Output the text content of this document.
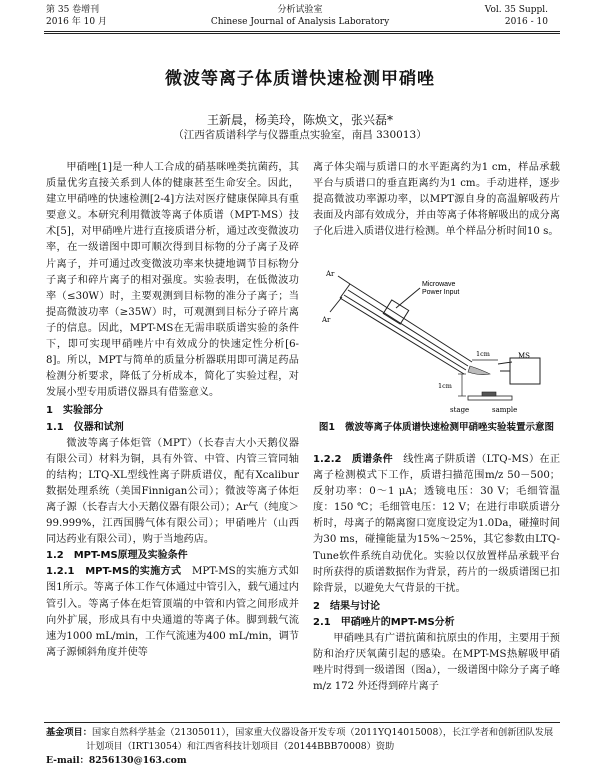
第 35 卷增刊
2016 年 10 月
分析试验室
Chinese Journal of Analysis Laboratory
Vol. 35 Suppl.
2016 - 10
微波等离子体质谱快速检测甲硝唑
王新晨，杨美玲，陈焕文，张兴磊*
（江西省质谱科学与仪器重点实验室，南昌 330013）

甲硝唑[1]是一种人工合成的硝基咪唑类抗菌药，其质量优劣直接关系到人体的健康甚至生命安全。因此，建立甲硝唑的快速检测[2-4]方法对医疗健康保障具有重要意义。本研究利用微波等离子体质谱（MPT-MS）技术[5]，对甲硝唑片进行直接质谱分析，通过改变微波功率，在一级谱图中即可顺次得到目标物的分子离子及碎片离子，并可通过改变微波功率来快捷地调节目标物分子离子和碎片离子的相对强度。实验表明，在低微波功率（≤30W）时，主要观测到目标物的准分子离子；当提高微波功率（≥35W）时，可观测到目标分子碎片离子的信息。因此，MPT-MS在无需串联质谱实验的条件下，即可实现甲硝唑片中有效成分的快速定性分析[6-8]。所以，MPT与简单的质量分析器联用即可满足药品检测分析要求，降低了分析成本，简化了实验过程，对发展小型专用质谱仪器具有借鉴意义。

1　实验部分
1.1　仪器和试剂

微波等离子体炬管（MPT）（长春吉大小天鹅仪器有限公司）材料为铜，具有外管、中管、内管三管同轴的结构；LTQ-XL型线性离子阱质谱仪，配有Xcalibur数据处理系统（美国Finnigan公司）；微波等离子体炬离子源（长春吉大小天鹅仪器有限公司）；Ar气（纯度＞99.999%，江西国腾气体有限公司）；甲硝唑片（山西同达药业有限公司），购于当地药店。

1.2　MPT-MS原理及实验条件

1.2.1　MPT-MS的实施方式　 MPT-MS的实施方式如图1所示。等离子体工作气体通过中管引入，载气通过内管引入。等离子体在炬管顶端的中管和内管之间形成并向外扩展，形成具有中央通道的等离子体。脚到载气流速为1000 mL/min，工作气流速为400 mL/min，调节离子源倾斜角度并使等

离子体尖端与质谱口的水平距离约为1 cm，样品承载平台与质谱口的垂直距离约为1 cm。手动进样，逐步提高微波功率源功率，以MPT源自身的高温解吸药片表面及内部有效成分，并由等离子体将解吸出的成分离子化后进入质谱仪进行检测。单个样品分析时间10 s。

Ar
Ar
Microwave
Power Input
MS
1cm
1cm
stage	sample
图1 微波等离子体质谱快速检测甲硝唑实验装置示意图

1.2.2　质谱条件　 线性离子阱质谱（LTQ-MS）在正离子检测模式下工作，质谱扫描范围m/z 50－500；反射功率：0～1 μA；透镜电压：30 V；毛细管温度：150 ℃；毛细管电压：12 V；在进行串联质谱分析时，母离子的隔离窗口宽度设定为1.0Da，碰撞时间为30 ms，碰撞能量为15%～25%，其它参数由LTQ-Tune软件系统自动优化。实验以仅放置样品承载平台时所获得的质谱数据作为背景，药片的一级质谱图已扣除背景，以避免大气背景的干扰。

2　结果与讨论
2.1　甲硝唑片的MPT-MS分析

甲硝唑具有广谱抗菌和抗原虫的作用，主要用于预防和治疗厌氧菌引起的感染。在MPT-MS热解吸甲硝唑片时得到一级谱图（图a），一级谱图中除分子离子峰 m/z 172 外还得到碎片离子

基金项目：国家自然科学基金（21305011），国家重大仪器设备开发专项（2011YQ14015008），长江学者和创新团队发展
计划项目（IRT13054）和江西省科技计划项目（20144BBB70008）资助
E-mail：8256130@163.com
